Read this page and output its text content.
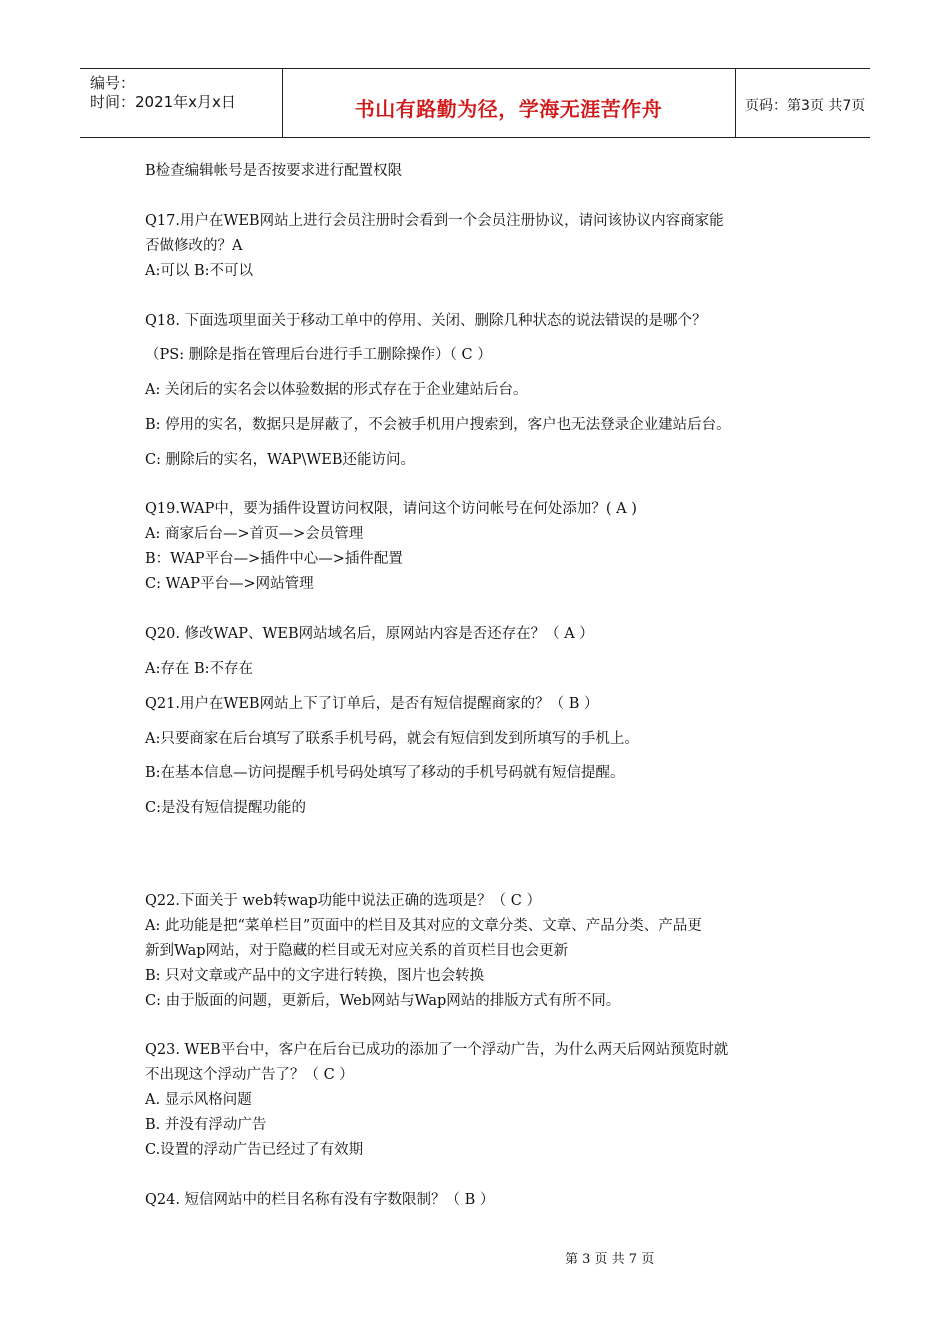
编号：
时间：2021年x月x日	书山有路勤为径，学海无涯苦作舟	页码：第3页 共7页
B检查编辑帐号是否按要求进行配置权限
Q17.用户在WEB网站上进行会员注册时会看到一个会员注册协议，请问该协议内容商家能
否做修改的？A
A:可以 B:不可以
Q18. 下面选项里面关于移动工单中的停用、关闭、删除几种状态的说法错误的是哪个？
（PS: 删除是指在管理后台进行手工删除操作）（ C ）
A: 关闭后的实名会以体验数据的形式存在于企业建站后台。
B: 停用的实名，数据只是屏蔽了，不会被手机用户搜索到，客户也无法登录企业建站后台。
C: 删除后的实名，WAP\WEB还能访问。
Q19.WAP中，要为插件设置访问权限，请问这个访问帐号在何处添加？( A )
A: 商家后台—>首页—>会员管理
B：WAP平台—>插件中心—>插件配置
C: WAP平台—>网站管理
Q20. 修改WAP、WEB网站域名后，原网站内容是否还存在？（ A ）
A:存在 B:不存在
Q21.用户在WEB网站上下了订单后，是否有短信提醒商家的？（ B ）
A:只要商家在后台填写了联系手机号码，就会有短信到发到所填写的手机上。
B:在基本信息—访问提醒手机号码处填写了移动的手机号码就有短信提醒。
C:是没有短信提醒功能的
Q22.下面关于 web转wap功能中说法正确的选项是？（ C ）
A: 此功能是把“菜单栏目”页面中的栏目及其对应的文章分类、文章、产品分类、产品更
新到Wap网站，对于隐藏的栏目或无对应关系的首页栏目也会更新
B: 只对文章或产品中的文字进行转换，图片也会转换
C: 由于版面的问题，更新后，Web网站与Wap网站的排版方式有所不同。
Q23. WEB平台中，客户在后台已成功的添加了一个浮动广告，为什么两天后网站预览时就
不出现这个浮动广告了？（ C ）
A. 显示风格问题
B. 并没有浮动广告
C.设置的浮动广告已经过了有效期
Q24. 短信网站中的栏目名称有没有字数限制？（ B ）
第 3 页 共 7 页
